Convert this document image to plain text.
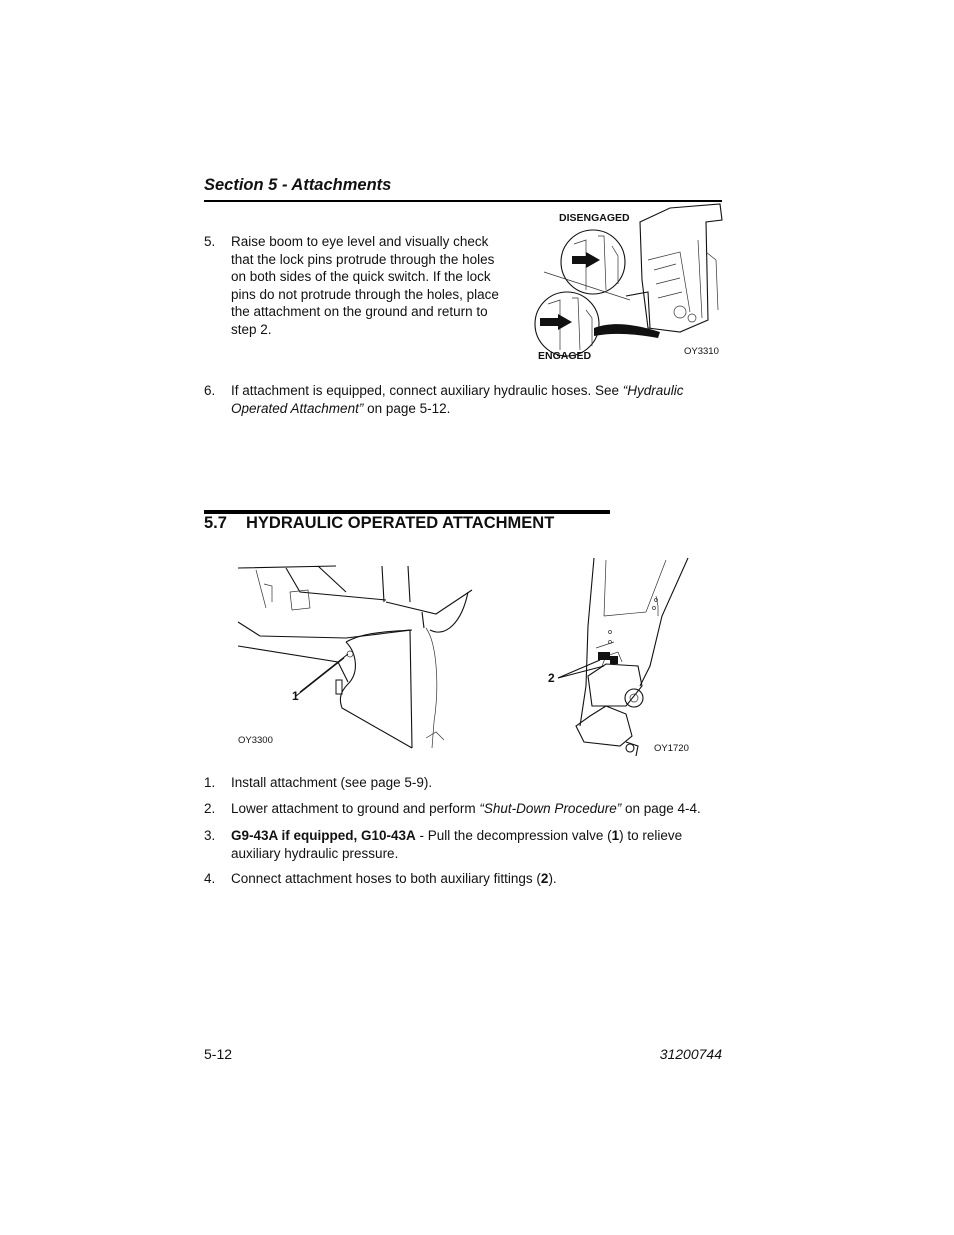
Section 5 - Attachments
5. Raise boom to eye level and visually check that the lock pins protrude through the holes on both sides of the quick switch. If the lock pins do not protrude through the holes, place the attachment on the ground and return to step 2.
DISENGAGED
ENGAGED	OY3310
6. If attachment is equipped, connect auxiliary hydraulic hoses. See “Hydraulic Operated Attachment” on page 5-12.
5.7 HYDRAULIC OPERATED ATTACHMENT
1
OY3300
2
OY1720
1. Install attachment (see page 5-9).
2. Lower attachment to ground and perform “Shut-Down Procedure” on page 4-4.
3. G9-43A if equipped, G10-43A - Pull the decompression valve (1) to relieve
auxiliary hydraulic pressure.
4. Connect attachment hoses to both auxiliary fittings (2).
5-12	31200744
